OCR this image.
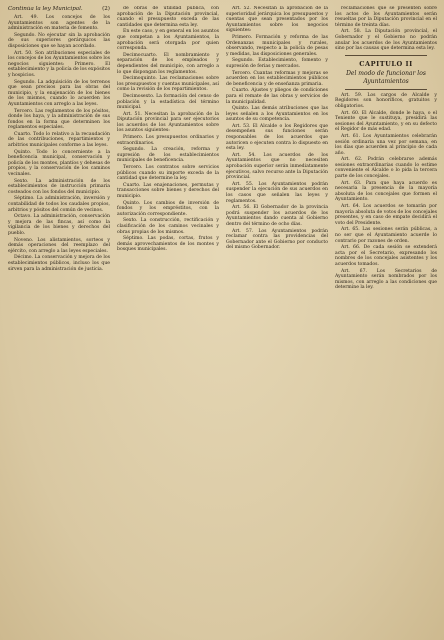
Continúa la ley Municipal.	(2)

Art. 49. Los concejos de los Ayuntamientos son agentes de la administración en materia de fomento.

Segundo. No ejecutar sin la aprobación de sus superiores gerárquicos las disposiciones que se hayan acordado.

Art. 50. Son atribuciones especiales de los concejos de los Ayuntamientos sobre los negocios siguientes: Primero. El establecimiento y la policía de los expósitos y hospicios.

Segundo. La adquisición de los terrenos que sean precisos para las obras del municipio, y la enajenación de los bienes de los mismos, cuando lo acuerden los Ayuntamientos con arreglo a las leyes.

Tercero. Las reglamentos de los pósitos, donde los haya, y la administración de sus fondos en la forma que determinen los reglamentos especiales.

Cuarto. Todo lo relativo a la recaudación de las contribuciones, repartimientos y arbitrios municipales conforme a las leyes.

Quinto. Todo lo concerniente a la beneficencia municipal, conservación y policía de los montes, plantíos y dehesas de propios, y la conservación de los caminos vecinales.

Sexto. La administración de los establecimientos de instrucción primaria costeados con los fondos del municipio.

Séptimo. La administración, inversión y contabilidad de todos los caudales propios, arbitrios y pósitos del común de vecinos.

Octavo. La administración, conservación y mejora de las fincas, así como la vigilancia de los bienes y derechos del pueblo.

Noveno. Los alistamientos, sorteos y demás operaciones del reemplazo del ejército, con arreglo a las leyes especiales.

Décimo. La conservación y mejora de los establecimientos públicos, incluso los que sirven para la administración de justicia.

de obras de utilidad pública, con aprobación de la Diputación provincial, cuando el presupuesto exceda de las cantidades que determina esta ley.

En este caso, y en general en los asuntos que competan a los Ayuntamientos, la aprobación será otorgada por quien corresponda.

Decimocuarto. El nombramiento y separación de los empleados y dependientes del municipio, con arreglo a lo que dispongan los reglamentos.

Decimoquinto. Las reclamaciones sobre los presupuestos y cuentas municipales, así como la revisión de los repartimientos.

Decimosexto. La formación del censo de población y la estadística del término municipal.

Art. 51. Necesitan la aprobación de la Diputación provincial para ser ejecutorios los acuerdos de los Ayuntamientos sobre los asuntos siguientes:

Primero. Los presupuestos ordinarios y extraordinarios.

Segundo. La creación, reforma y supresión de los establecimientos municipales de beneficencia.

Tercero. Los contratos sobre servicios públicos cuando su importe exceda de la cantidad que determine la ley.

Cuarto. Las enajenaciones, permutas y transacciones sobre bienes y derechos del municipio.

Quinto. Los cambios de inversión de fondos y los empréstitos, con la autorización correspondiente.

Sexto. La construcción, rectificación y clasificación de los caminos vecinales y obras propias de los mismos.

Séptimo. Las podas, cortas, frutos y demás aprovechamientos de los montes y bosques municipales.

Art. 52. Necesitan la aprobación de la superioridad jerárquica los presupuestos y cuentas que sean presentados por los Ayuntamientos sobre los negocios siguientes:

Primero. Formación y reforma de las Ordenanzas municipales y rurales, observando, respecto a la policía de pesas y medidas, las disposiciones generales.

Segundo. Establecimiento, fomento y supresión de ferias y mercados.

Tercero. Cuantas reformas y mejoras se acuerden en los establecimientos públicos de beneficencia y de enseñanza primaria.

Cuarto. Ajustes y pliegos de condiciones para el remate de las obras y servicios de la municipalidad.

Quinto. Las demás atribuciones que las leyes señalen a los Ayuntamientos en los asuntos de su competencia.

Art. 53. El Alcalde o los Regidores que desempeñen sus funciones serán responsables de los acuerdos que autoricen o ejecuten contra lo dispuesto en esta ley.

Art. 54. Los acuerdos de los Ayuntamientos que no necesiten aprobación superior serán inmediatamente ejecutivos, salvo recurso ante la Diputación provincial.

Art. 55. Los Ayuntamientos podrán suspender la ejecución de sus acuerdos en los casos que señalen las leyes y reglamentos.

Art. 56. El Gobernador de la provincia podrá suspender los acuerdos de los Ayuntamientos dando cuenta al Gobierno dentro del término de ocho días.

Art. 57. Los Ayuntamientos podrán reclamar contra las providencias del Gobernador ante el Gobierno por conducto del mismo Gobernador.

reclamaciones que se presenten sobre los actos de los Ayuntamientos serán resueltas por la Diputación provincial en el término de treinta días.

Art. 58. La Diputación provincial, el Gobernador y el Gobierno no podrán anular los acuerdos de los Ayuntamientos sino por las causas que determina esta ley.

CAPITULO II
Del modo de funcionar los Ayuntamientos

Art. 59. Los cargos de Alcalde y Regidores son honoríficos, gratuitos y obligatorios.

Art. 60. El Alcalde, donde le haya, o el Teniente que le sustituya, presidirá las sesiones del Ayuntamiento, y en su defecto el Regidor de más edad.

Art. 61. Los Ayuntamientos celebrarán sesión ordinaria una vez por semana, en los días que acuerden al principio de cada año.

Art. 62. Podrán celebrarse además sesiones extraordinarias cuando lo estime conveniente el Alcalde o lo pida la tercera parte de los concejales.

Art. 63. Para que haya acuerdo es necesaria la presencia de la mayoría absoluta de los concejales que formen el Ayuntamiento.

Art. 64. Los acuerdos se tomarán por mayoría absoluta de votos de los concejales presentes, y en caso de empate decidirá el voto del Presidente.

Art. 65. Las sesiones serán públicas, a no ser que el Ayuntamiento acuerde lo contrario por razones de orden.

Art. 66. De cada sesión se extenderá acta por el Secretario, expresando los nombres de los concejales asistentes y los acuerdos tomados.

Art. 67. Los Secretarios de Ayuntamiento serán nombrados por los mismos, con arreglo a las condiciones que determine la ley.
